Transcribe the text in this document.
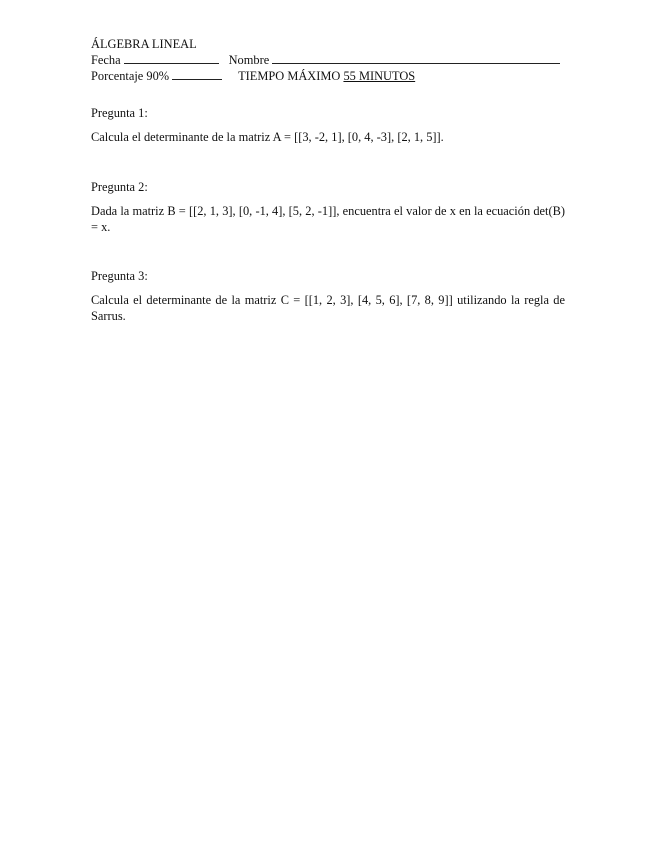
ÁLGEBRA LINEAL
Fecha	Nombre
Porcentaje 90%	TIEMPO MÁXIMO 55 MINUTOS

Pregunta 1:

Calcula el determinante de la matriz A = [[3, -2, 1], [0, 4, -3], [2, 1, 5]].

Pregunta 2:

Dada la matriz B = [[2, 1, 3], [0, -1, 4], [5, 2, -1]], encuentra el valor de x en la ecuación det(B) = x.

Pregunta 3:

Calcula el determinante de la matriz C = [[1, 2, 3], [4, 5, 6], [7, 8, 9]] utilizando la regla de Sarrus.
